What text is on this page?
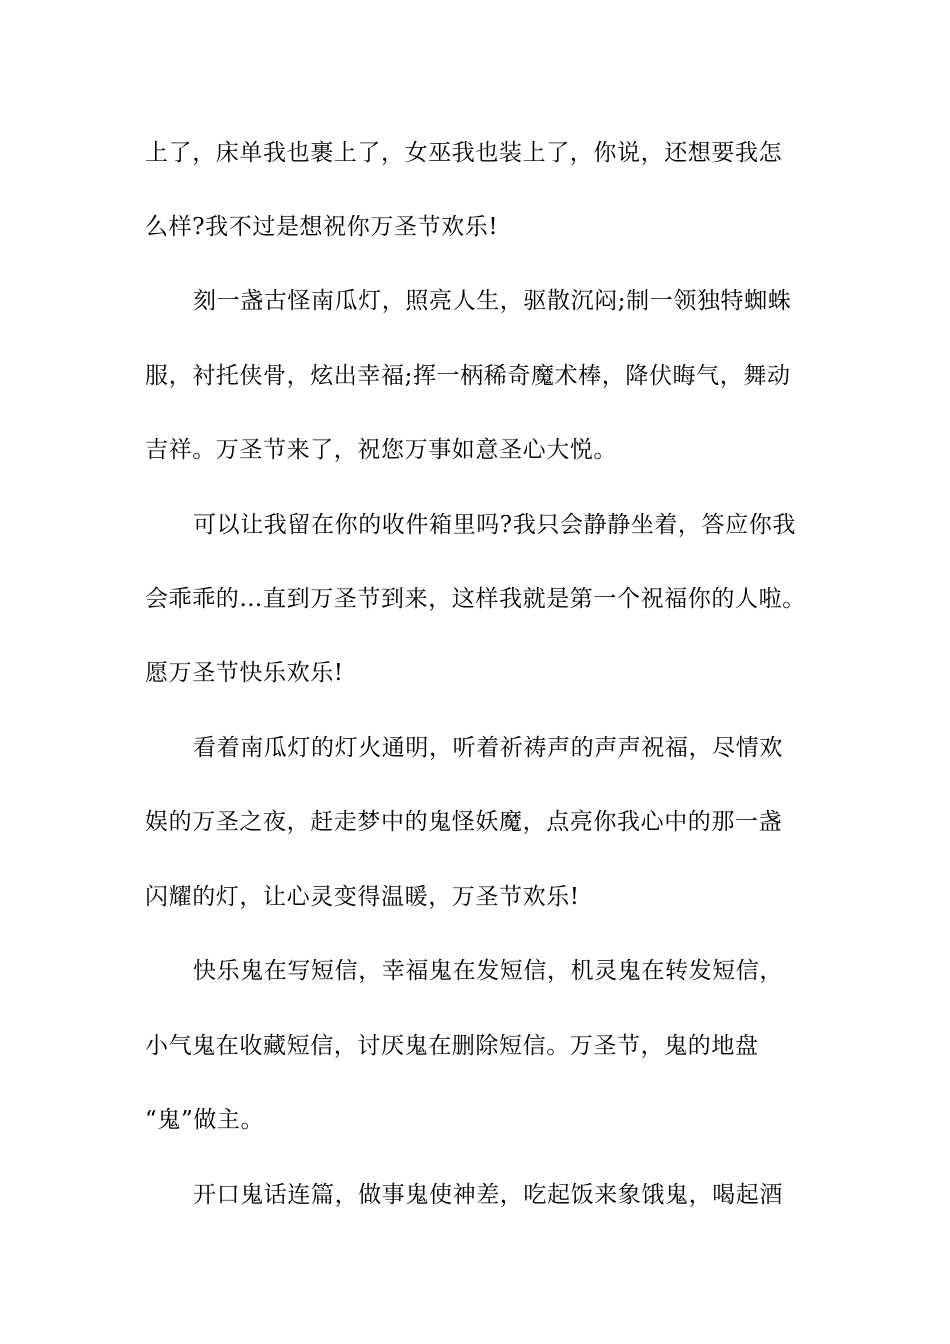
上了，床单我也裹上了，女巫我也装上了，你说，还想要我怎
么样?我不过是想祝你万圣节欢乐!
刻一盏古怪南瓜灯，照亮人生，驱散沉闷;制一领独特蜘蛛
服，衬托侠骨，炫出幸福;挥一柄稀奇魔术棒，降伏晦气，舞动
吉祥。万圣节来了，祝您万事如意圣心大悦。
可以让我留在你的收件箱里吗?我只会静静坐着，答应你我
会乖乖的…直到万圣节到来，这样我就是第一个祝福你的人啦。
愿万圣节快乐欢乐!
看着南瓜灯的灯火通明，听着祈祷声的声声祝福，尽情欢
娱的万圣之夜，赶走梦中的鬼怪妖魔，点亮你我心中的那一盏
闪耀的灯，让心灵变得温暖，万圣节欢乐!
快乐鬼在写短信，幸福鬼在发短信，机灵鬼在转发短信，
小气鬼在收藏短信，讨厌鬼在删除短信。万圣节，鬼的地盘
“鬼”做主。
开口鬼话连篇，做事鬼使神差，吃起饭来象饿鬼，喝起酒
